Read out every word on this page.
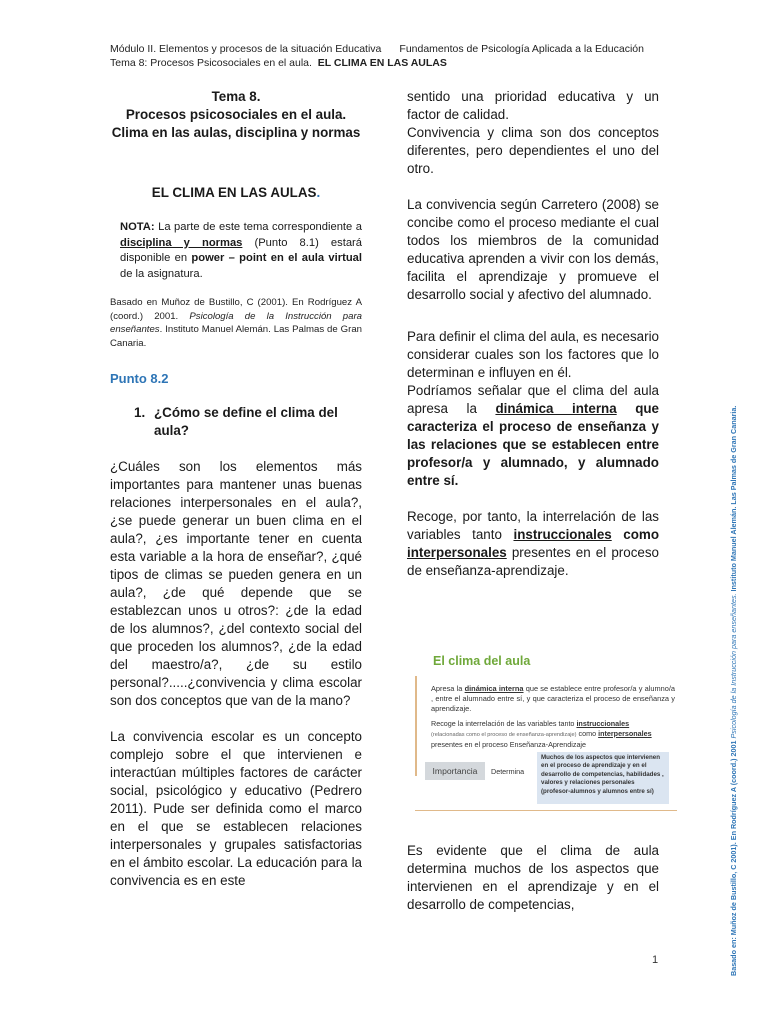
Módulo II. Elementos y procesos de la situación Educativa Fundamentos de Psicología Aplicada a la Educación
Tema 8: Procesos Psicosociales en el aula. EL CLIMA EN LAS AULAS
Tema 8.
Procesos psicosociales en el aula.
Clima en las aulas, disciplina y normas
EL CLIMA EN LAS AULAS.
NOTA: La parte de este tema correspondiente a disciplina y normas (Punto 8.1) estará disponible en power – point en el aula virtual de la asignatura.
Basado en Muñoz de Bustillo, C (2001). En Rodríguez A (coord.) 2001. Psicología de la Instrucción para enseñantes. Instituto Manuel Alemán. Las Palmas de Gran Canaria.
Punto 8.2
1. ¿Cómo se define el clima del aula?

¿Cuáles son los elementos más importantes para mantener unas buenas relaciones interpersonales en el aula?, ¿se puede generar un buen clima en el aula?, ¿es importante tener en cuenta esta variable a la hora de enseñar?, ¿qué tipos de climas se pueden genera en un aula?, ¿de qué depende que se establezcan unos u otros?: ¿de la edad de los alumnos?, ¿del contexto social del que proceden los alumnos?, ¿de la edad del maestro/a?, ¿de su estilo personal?.....¿convivencia y clima escolar son dos conceptos que van de la mano?

La convivencia escolar es un concepto complejo sobre el que intervienen e interactúan múltiples factores de carácter social, psicológico y educativo (Pedrero 2011). Pude ser definida como el marco en el que se establecen relaciones interpersonales y grupales satisfactorias en el ámbito escolar. La educación para la convivencia es en este

sentido una prioridad educativa y un factor de calidad.

Convivencia y clima son dos conceptos diferentes, pero dependientes el uno del otro.

La convivencia según Carretero (2008) se concibe como el proceso mediante el cual todos los miembros de la comunidad educativa aprenden a vivir con los demás, facilita el aprendizaje y promueve el desarrollo social y afectivo del alumnado.

Para definir el clima del aula, es necesario considerar cuales son los factores que lo determinan e influyen en él.

Podríamos señalar que el clima del aula apresa la dinámica interna que caracteriza el proceso de enseñanza y las relaciones que se establecen entre profesor/a y alumnado, y alumnado entre sí.

Recoge, por tanto, la interrelación de las variables tanto instruccionales como interpersonales presentes en el proceso de enseñanza-aprendizaje.

Es evidente que el clima de aula determina muchos de los aspectos que intervienen en el aprendizaje y en el desarrollo de competencias,

El clima del aula
Apresa la dinámica interna que se establece entre profesor/a y alumno/a , entre el alumnado entre sí, y que caracteriza el proceso de enseñanza y aprendizaje.
Recoge la interrelación de las variables tanto instruccionales
(relacionadas como el proceso de enseñanza-aprendizaje) como interpersonales
presentes en el proceso Enseñanza-Aprendizaje
Importancia	Determina
Muchos de los aspectos que intervienen en el proceso de aprendizaje y en el desarrollo de competencias, habilidades , valores y relaciones personales (profesor-alumnos y alumnos entre sí)	Basado en: Muñoz de Bustillo, C 2001). En Rodríguez A (coord.) 2001 Psicología de la Instrucción para enseñantes. Instituto Manuel Alemán. Las Palmas de Gran Canaria.
1
